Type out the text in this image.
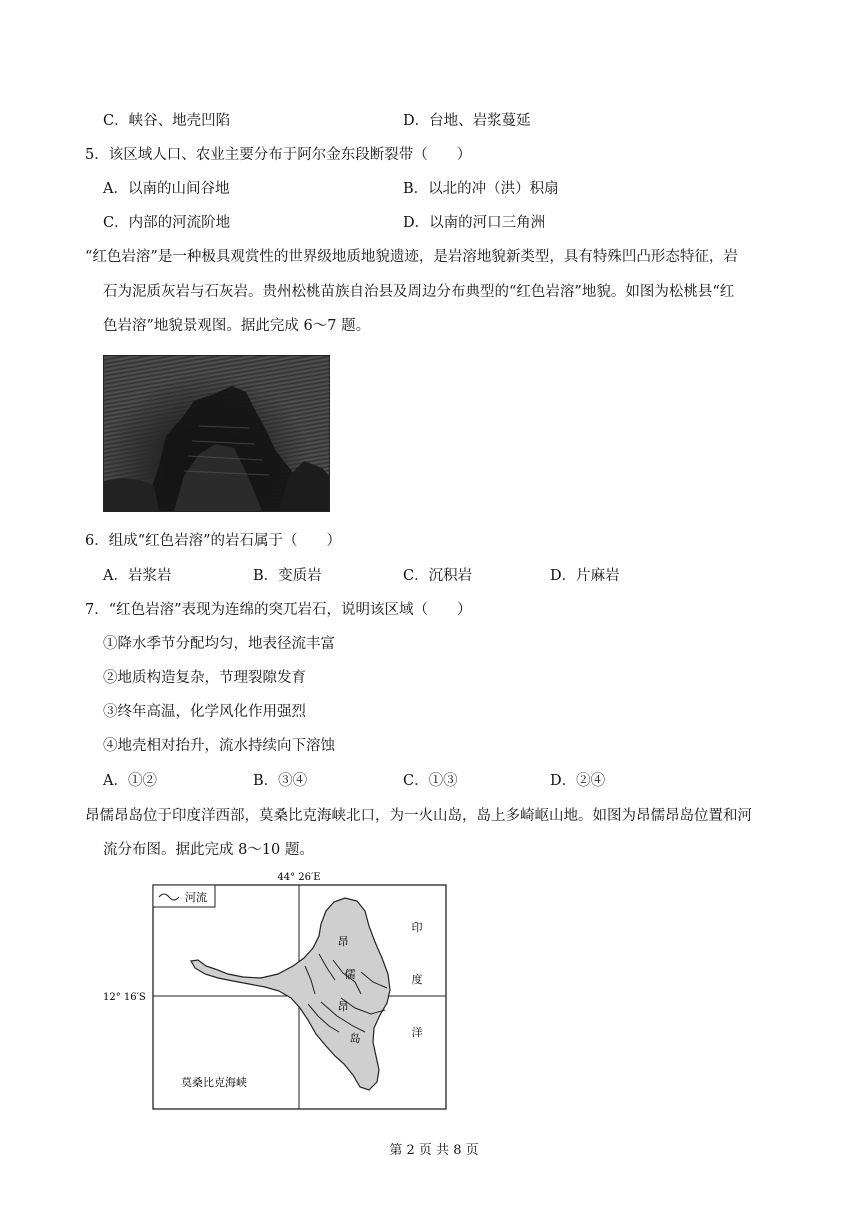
C．峡谷、地壳凹陷	D．台地、岩浆蔓延
5．该区域人口、农业主要分布于阿尔金东段断裂带（　　）
A．以南的山间谷地	B．以北的冲（洪）积扇
C．内部的河流阶地	D．以南的河口三角洲
“红色岩溶”是一种极具观赏性的世界级地质地貌遗迹，是岩溶地貌新类型，具有特殊凹凸形态特征，岩
石为泥质灰岩与石灰岩。贵州松桃苗族自治县及周边分布典型的“红色岩溶”地貌。如图为松桃县“红
色岩溶”地貌景观图。据此完成 6～7 题。
6．组成“红色岩溶”的岩石属于（　　）
A．岩浆岩	B．变质岩	C．沉积岩	D．片麻岩
7．“红色岩溶”表现为连绵的突兀岩石，说明该区域（　　）
①降水季节分配均匀，地表径流丰富
②地质构造复杂，节理裂隙发育
③终年高温，化学风化作用强烈
④地壳相对抬升，流水持续向下溶蚀
A．①②	B．③④	C．①③	D．②④
昂儒昂岛位于印度洋西部，莫桑比克海峡北口，为一火山岛，岛上多崎岖山地。如图为昂儒昂岛位置和河
流分布图。据此完成 8～10 题。
44° 26′E
12° 16′S
河流
昂
儒
昂
岛
印
度
洋
莫桑比克海峡
第 2 页 共 8 页
